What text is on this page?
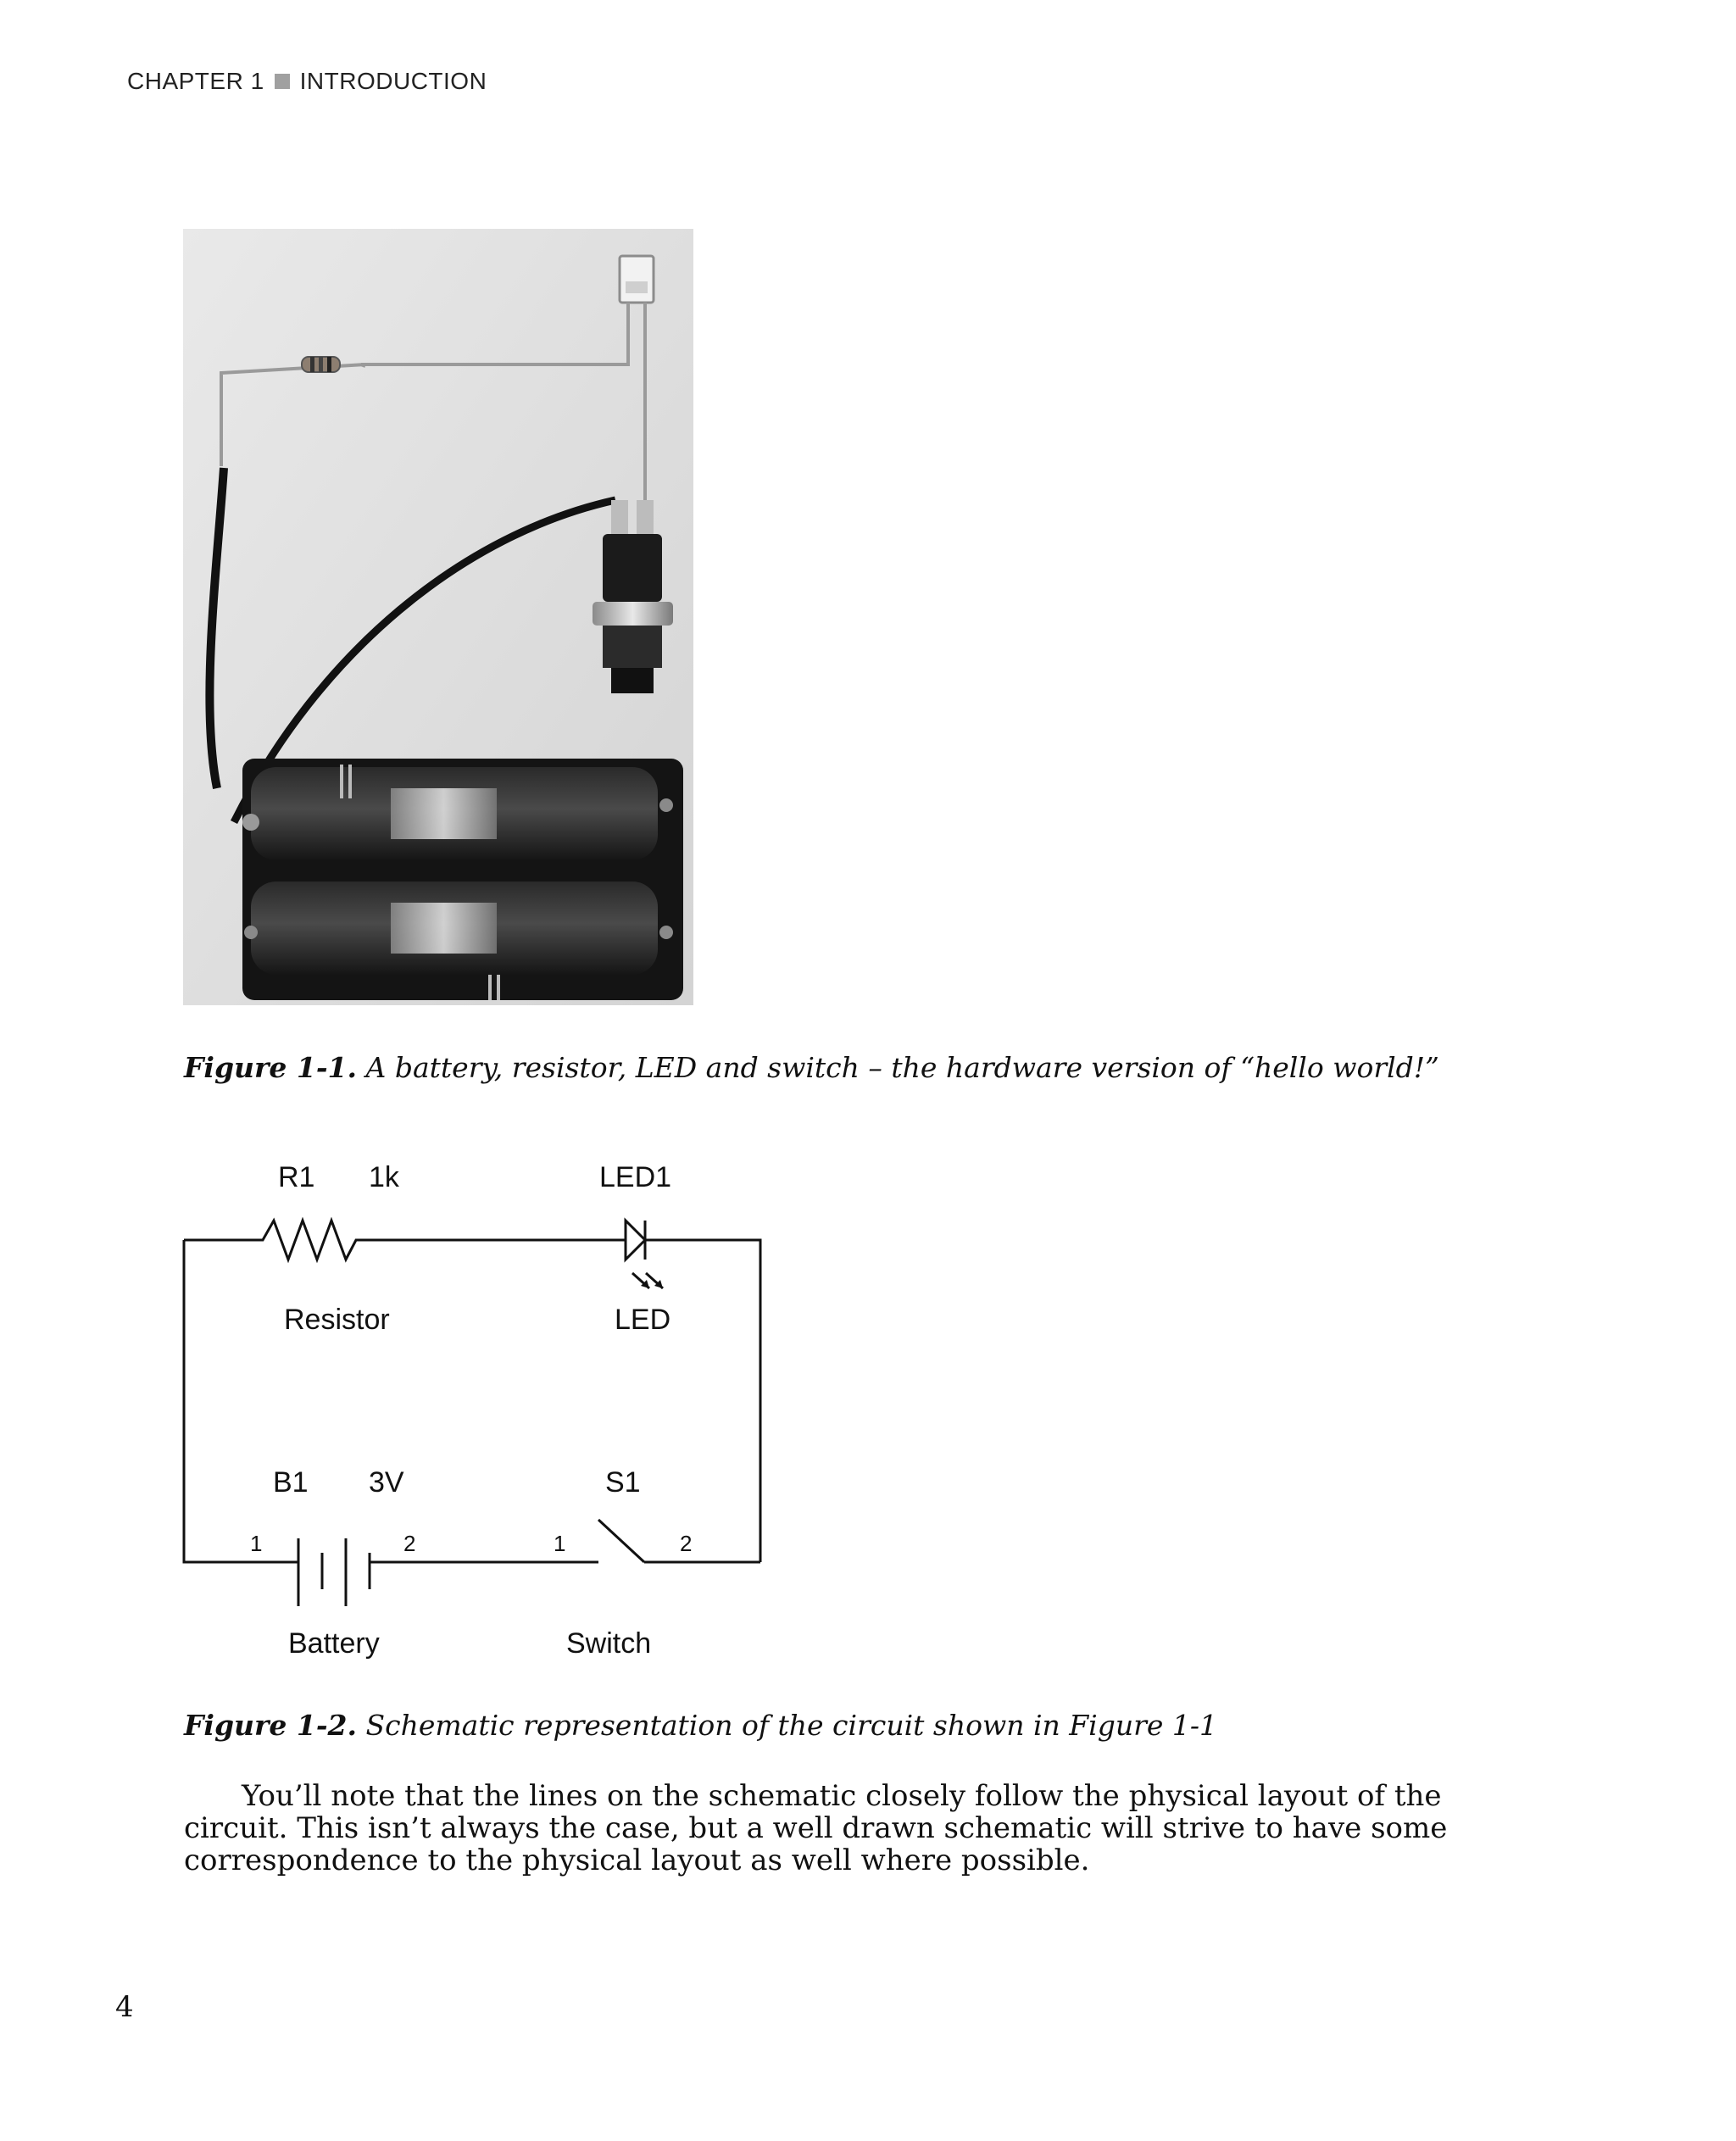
CHAPTER 1 INTRODUCTION
Figure 1-1. A battery, resistor, LED and switch – the hardware version of “hello world!”
R1 1k	LED1
Resistor	LED
B1 3V	S1
1	2	1	2
Battery	Switch
Figure 1-2. Schematic representation of the circuit shown in Figure 1-1

You’ll note that the lines on the schematic closely follow the physical layout of the circuit. This isn’t always the case, but a well drawn schematic will strive to have some correspondence to the physical layout as well where possible.

4
